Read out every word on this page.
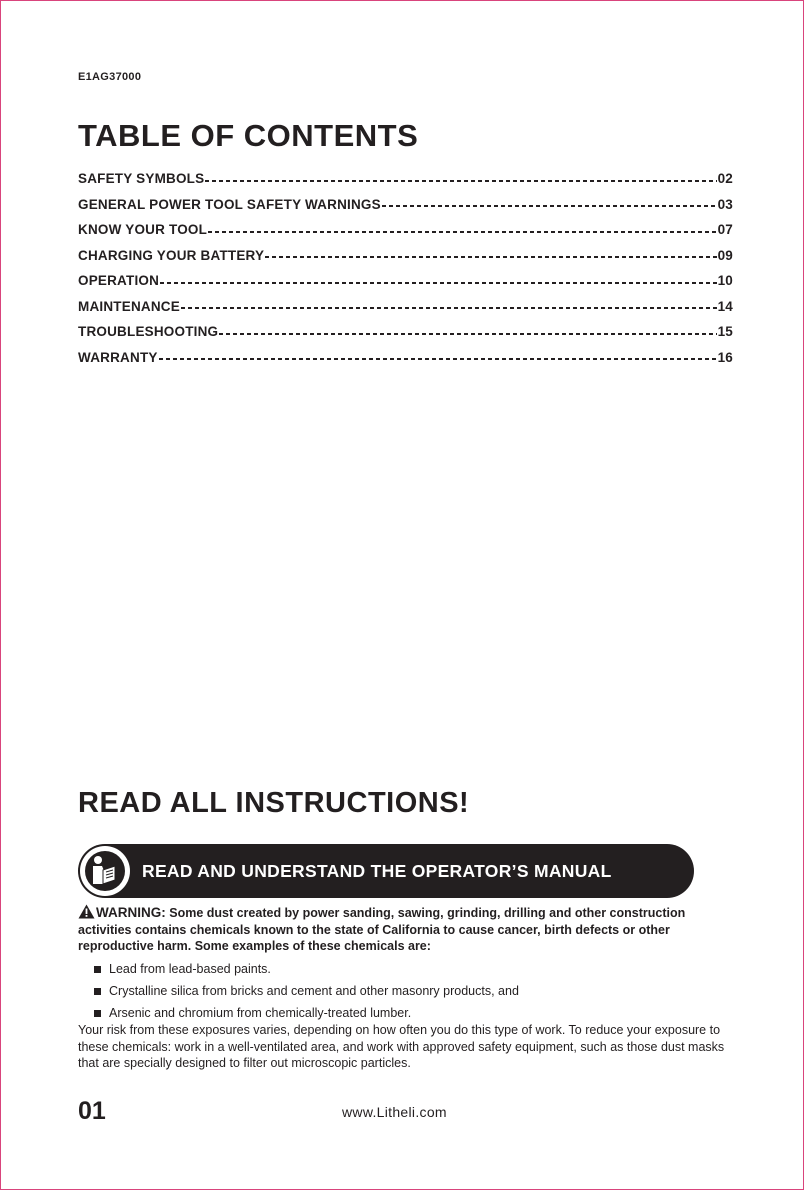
E1AG37000
TABLE OF CONTENTS
SAFETY SYMBOLS	02
GENERAL POWER TOOL SAFETY WARNINGS	03
KNOW YOUR TOOL	07
CHARGING YOUR BATTERY	09
OPERATION	10
MAINTENANCE	14
TROUBLESHOOTING	15
WARRANTY	16
READ ALL INSTRUCTIONS!
READ AND UNDERSTAND THE OPERATOR’S MANUAL
WARNING: Some dust created by power sanding, sawing, grinding, drilling and other construction activities contains chemicals known to the state of California to cause cancer, birth defects or other reproductive harm. Some examples of these chemicals are:
Lead from lead-based paints.
Crystalline silica from bricks and cement and other masonry products, and
Arsenic and chromium from chemically-treated lumber.
Your risk from these exposures varies, depending on how often you do this type of work. To reduce your exposure to these chemicals: work in a well-ventilated area, and work with approved safety equipment, such as those dust masks that are specially designed to filter out microscopic particles.
01	www.Litheli.com
